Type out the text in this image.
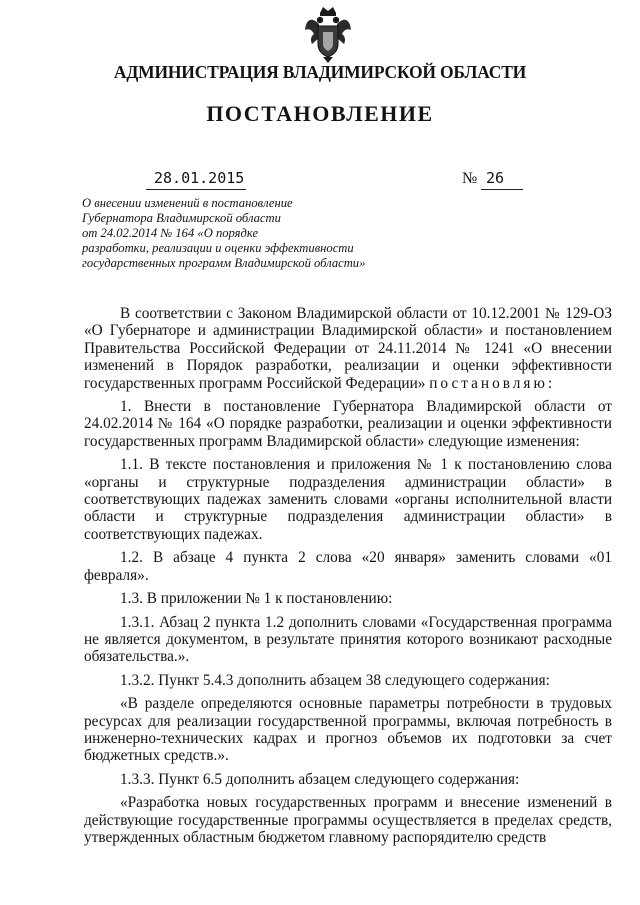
АДМИНИСТРАЦИЯ ВЛАДИМИРСКОЙ ОБЛАСТИ
ПОСТАНОВЛЕНИЕ
28.01.2015	№ 26
О внесении изменений в постановление
Губернатора Владимирской области
от 24.02.2014 № 164 «О порядке
разработки, реализации и оценки эффективности
государственных программ Владимирской области»

В соответствии с Законом Владимирской области от 10.12.2001 № 129-ОЗ «О Губернаторе и администрации Владимирской области» и постановлением Правительства Российской Федерации от 24.11.2014 № 1241 «О внесении изменений в Порядок разработки, реализации и оценки эффективности государственных программ Российской Федерации» постановляю:

1. Внести в постановление Губернатора Владимирской области от 24.02.2014 № 164 «О порядке разработки, реализации и оценки эффективности государственных программ Владимирской области» следующие изменения:

1.1. В тексте постановления и приложения № 1 к постановлению слова «органы и структурные подразделения администрации области» в соответствующих падежах заменить словами «органы исполнительной власти области и структурные подразделения администрации области» в соответствующих падежах.

1.2. В абзаце 4 пункта 2 слова «20 января» заменить словами «01 февраля».

1.3. В приложении № 1 к постановлению:

1.3.1. Абзац 2 пункта 1.2 дополнить словами «Государственная программа не является документом, в результате принятия которого возникают расходные обязательства.».

1.3.2. Пункт 5.4.3 дополнить абзацем 38 следующего содержания:

«В разделе определяются основные параметры потребности в трудовых ресурсах для реализации государственной программы, включая потребность в инженерно-технических кадрах и прогноз объемов их подготовки за счет бюджетных средств.».

1.3.3. Пункт 6.5 дополнить абзацем следующего содержания:

«Разработка новых государственных программ и внесение изменений в действующие государственные программы осуществляется в пределах средств, утвержденных областным бюджетом главному распорядителю средств
